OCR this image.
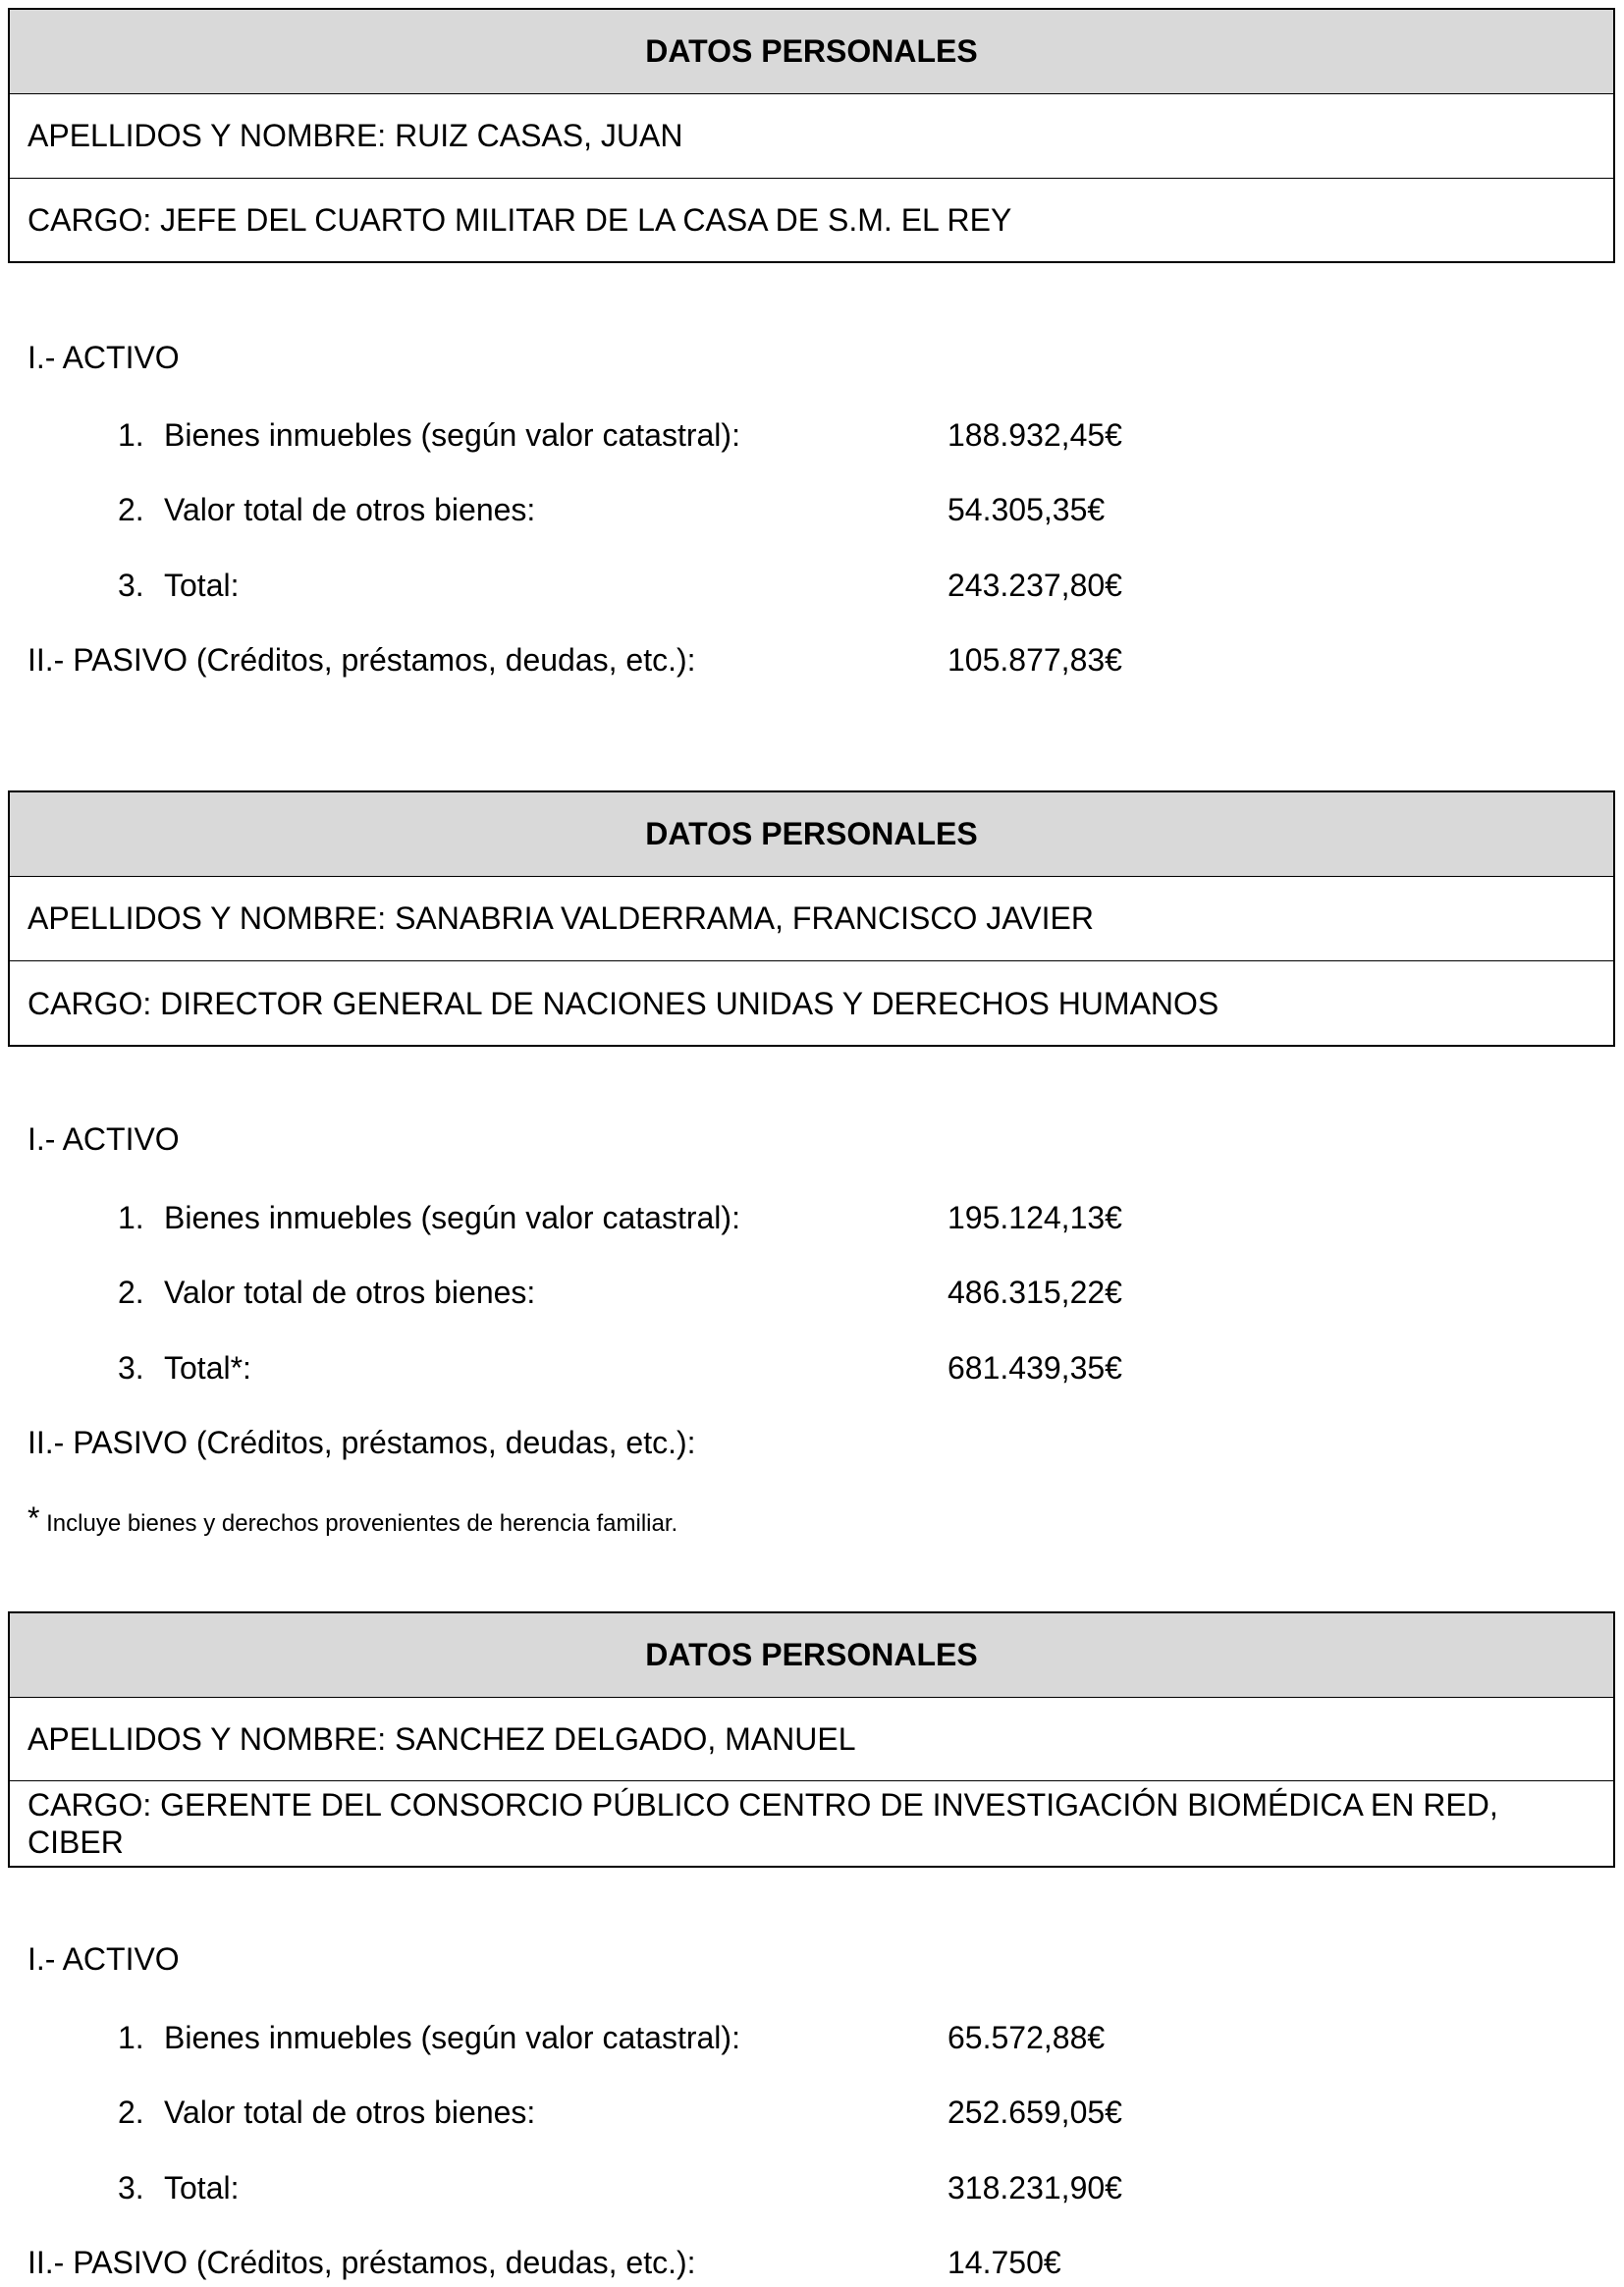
DATOS PERSONALES
APELLIDOS Y NOMBRE: RUIZ CASAS, JUAN
CARGO: JEFE DEL CUARTO MILITAR DE LA CASA DE S.M. EL REY
I.- ACTIVO
1. Bienes inmuebles (según valor catastral):	188.932,45€
2. Valor total de otros bienes:	54.305,35€
3. Total:	243.237,80€
II.- PASIVO (Créditos, préstamos, deudas, etc.):	105.877,83€
DATOS PERSONALES
APELLIDOS Y NOMBRE: SANABRIA VALDERRAMA, FRANCISCO JAVIER
CARGO: DIRECTOR GENERAL DE NACIONES UNIDAS Y DERECHOS HUMANOS
I.- ACTIVO
1. Bienes inmuebles (según valor catastral):	195.124,13€
2. Valor total de otros bienes:	486.315,22€
3. Total*:	681.439,35€
II.- PASIVO (Créditos, préstamos, deudas, etc.):
* Incluye bienes y derechos provenientes de herencia familiar.
DATOS PERSONALES
APELLIDOS Y NOMBRE: SANCHEZ DELGADO, MANUEL
CARGO: GERENTE DEL CONSORCIO PÚBLICO CENTRO DE INVESTIGACIÓN BIOMÉDICA EN RED, CIBER
I.- ACTIVO
1. Bienes inmuebles (según valor catastral):	65.572,88€
2. Valor total de otros bienes:	252.659,05€
3. Total:	318.231,90€
II.- PASIVO (Créditos, préstamos, deudas, etc.):	14.750€
